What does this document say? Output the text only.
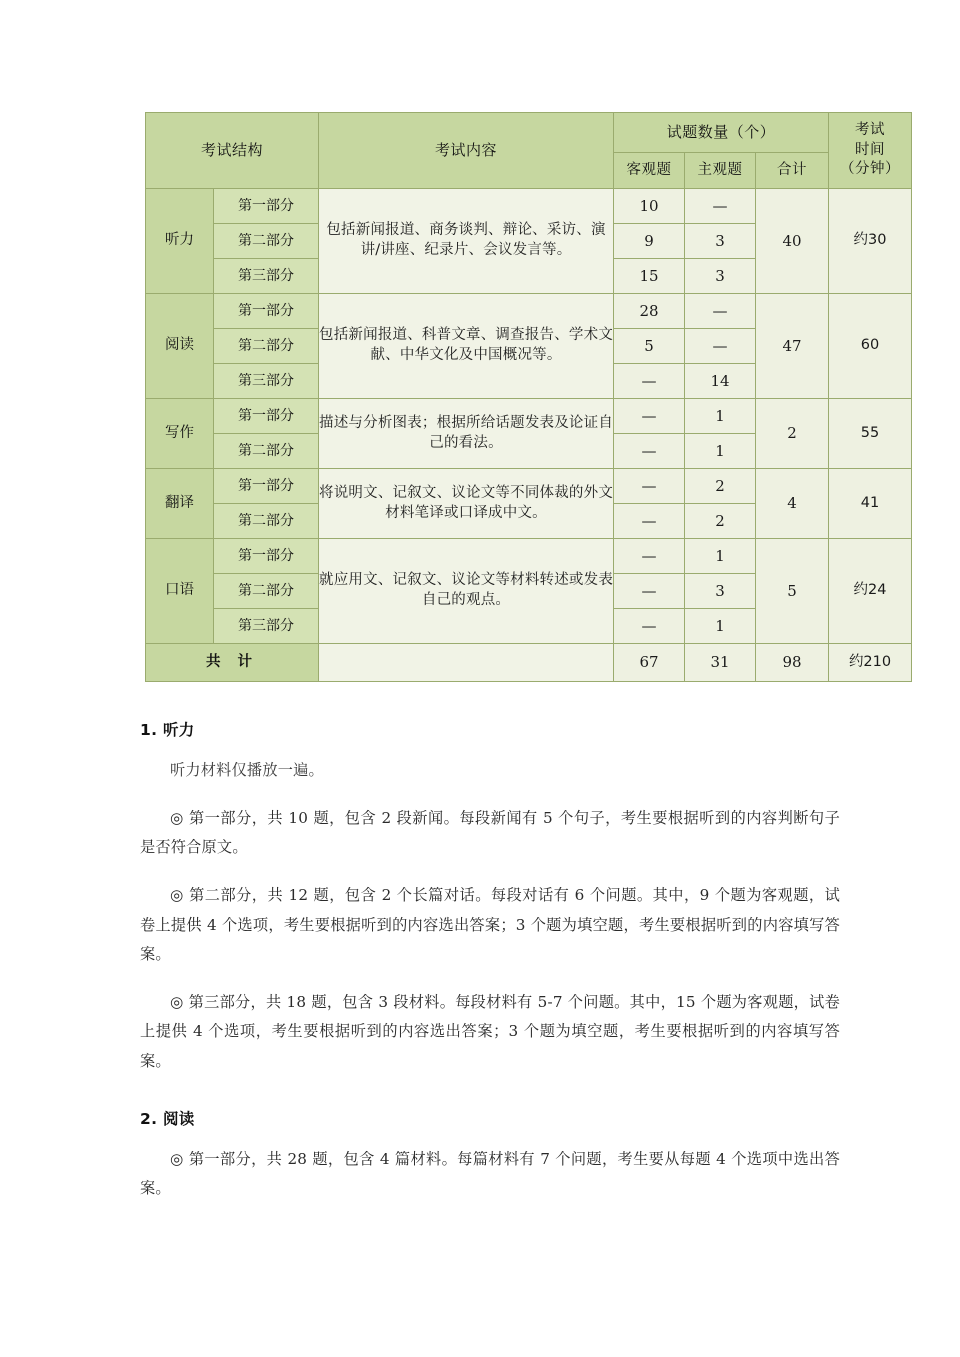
考试结构		考试内容	试题数量（个）			考试
时间
（分钟）

			客观题	主观题	合计	
听力	第一部分	包括新闻报道、商务谈判、辩论、采访、演讲/讲座、纪录片、会议发言等。	10	—	40	约30
	第二部分		9	3		
	第三部分		15	3		
阅读	第一部分	包括新闻报道、科普文章、调查报告、学术文献、中华文化及中国概况等。	28	—	47	60
	第二部分		5	—		
	第三部分		—	14		
写作	第一部分	描述与分析图表；根据所给话题发表及论证自己的看法。	—	1	2	55
	第二部分		—	1		
翻译	第一部分	将说明文、记叙文、议论文等不同体裁的外文材料笔译或口译成中文。	—	2	4	41
	第二部分		—	2		
口语	第一部分	就应用文、记叙文、议论文等材料转述或发表自己的观点。	—	1	5	约24
	第二部分		—	3		
	第三部分		—	1		
共 计			67	31	98	约210
1. 听力

听力材料仅播放一遍。

◎ 第一部分，共 10 题，包含 2 段新闻。每段新闻有 5 个句子，考生要根据听到的内容判断句子是否符合原文。

◎ 第二部分，共 12 题，包含 2 个长篇对话。每段对话有 6 个问题。其中，9 个题为客观题，试卷上提供 4 个选项，考生要根据听到的内容选出答案；3 个题为填空题，考生要根据听到的内容填写答案。

◎ 第三部分，共 18 题，包含 3 段材料。每段材料有 5-7 个问题。其中，15 个题为客观题，试卷上提供 4 个选项，考生要根据听到的内容选出答案；3 个题为填空题，考生要根据听到的内容填写答案。

2. 阅读

◎ 第一部分，共 28 题，包含 4 篇材料。每篇材料有 7 个问题，考生要从每题 4 个选项中选出答案。
